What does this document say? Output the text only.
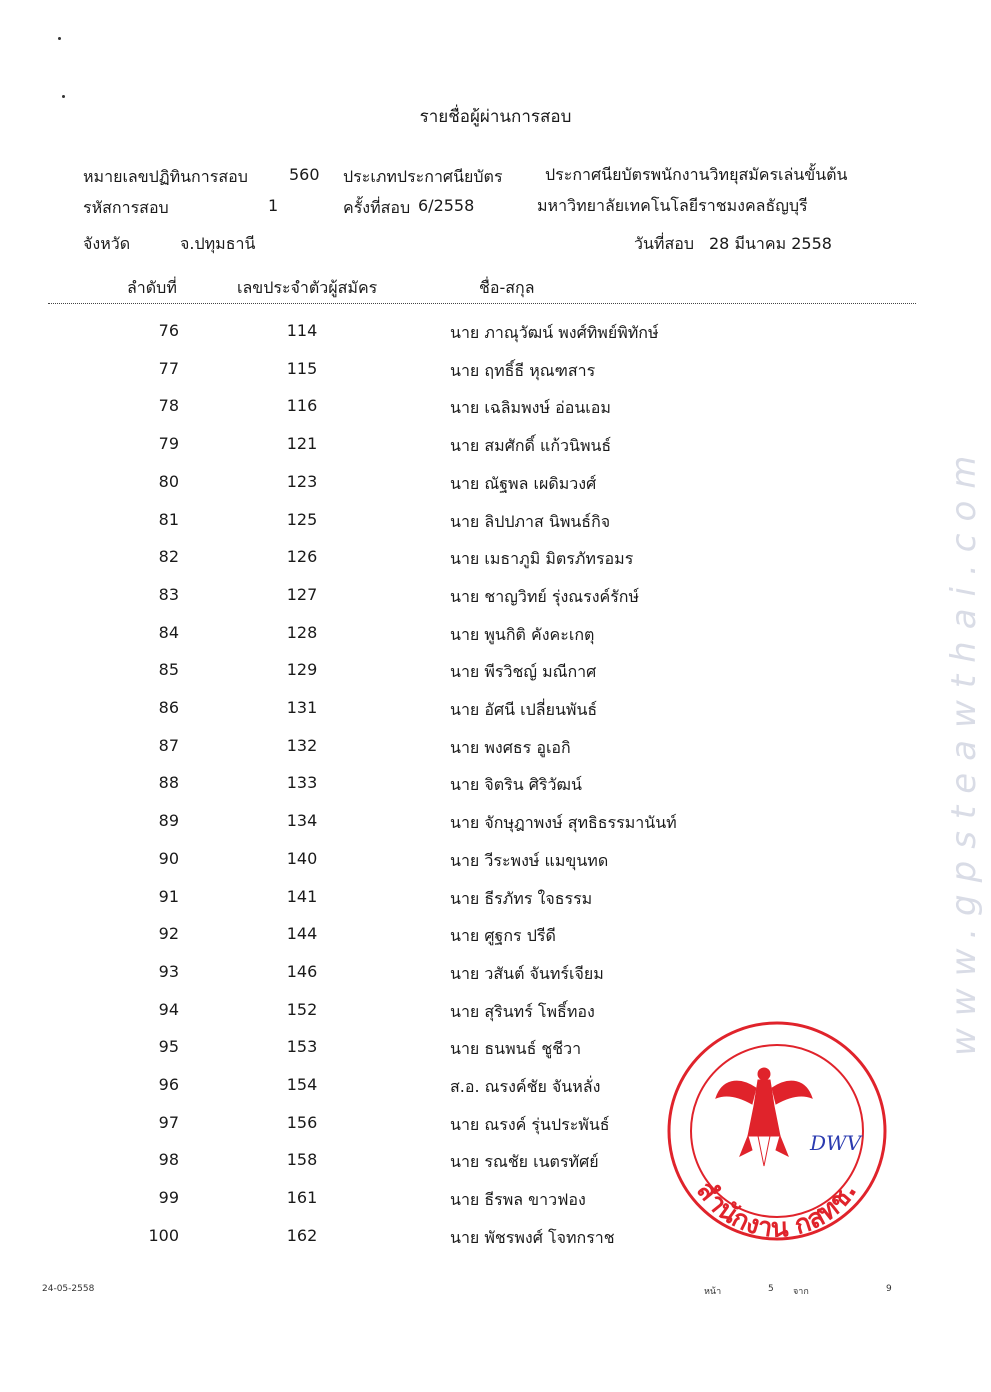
รายชื่อผู้ผ่านการสอบ
หมายเลขปฏิทินการสอบ	560 ประเภทประกาศนียบัตร	ประกาศนียบัตรพนักงานวิทยุสมัครเล่นขั้นต้น
รหัสการสอบ	1	ครั้งที่สอบ 6/2558	มหาวิทยาลัยเทคโนโลยีราชมงคลธัญบุรี
จังหวัด	จ.ปทุมธานี	วันที่สอบ 28 มีนาคม 2558
ลำดับที่	เลขประจำตัวผู้สมัคร	ชื่อ-สกุล
76	114	นาย ภาณุวัฒน์ พงศ์ทิพย์พิทักษ์
77	115	นาย ฤทธิ์ธี หุณฑสาร
78	116	นาย เฉลิมพงษ์ อ่อนเอม
79	121	นาย สมศักดิ์ แก้วนิพนธ์
80	123	นาย ณัฐพล เผดิมวงศ์
81	125	นาย ลิปปภาส นิพนธ์กิจ
82	126	นาย เมธาภูมิ มิตรภัทรอมร
83	127	นาย ชาญวิทย์ รุ่งณรงค์รักษ์
84	128	นาย พูนกิติ คังคะเกตุ
85	129	นาย พีรวิชญ์ มณีกาศ
86	131	นาย อัศนี เปลี่ยนพันธ์
87	132	นาย พงศธร อูเอกิ
88	133	นาย จิตริน ศิริวัฒน์
89	134	นาย จักษุฎาพงษ์ สุทธิธรรมานันท์
90	140	นาย วีระพงษ์ แมขุนทด
91	141	นาย ธีรภัทร ใจธรรม
92	144	นาย ศูฐกร ปรีดี
93	146	นาย วสันต์ จันทร์เจียม
94	152	นาย สุรินทร์ โพธิ์ทอง
95	153	นาย ธนพนธ์ ชูชีวา
96	154	ส.อ. ณรงค์ชัย จันหลั่ง
97	156	นาย ณรงค์ รุ่นประพันธ์
98	158	นาย รณชัย เนตรทัศย์
99	161	นาย ธีรพล ขาวฟอง
100	162	นาย พัชรพงศ์ โจทกราช
www.gpsteawthai.com
DWV
สำนักงาน กสทช.
24-05-2558	หน้า	5 จาก	9
